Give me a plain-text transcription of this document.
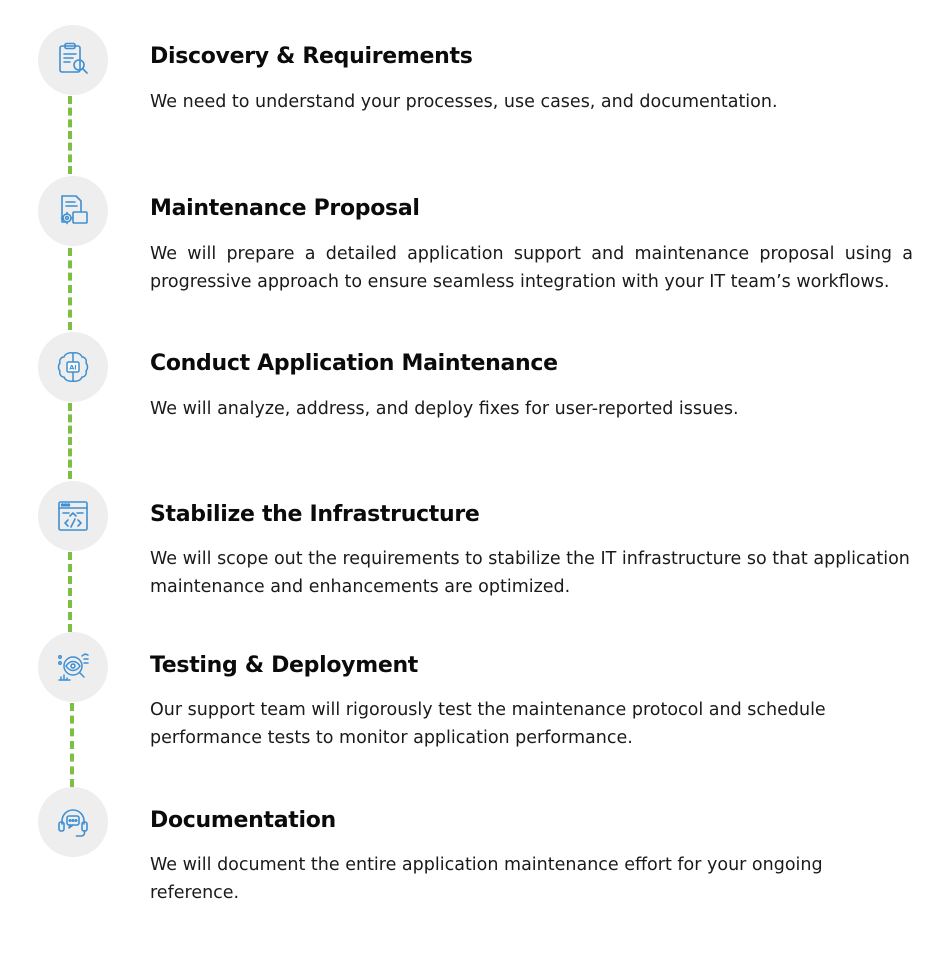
Discovery & Requirements

We need to understand your processes, use cases, and documentation.

Maintenance Proposal

We will prepare a detailed application support and maintenance proposal using a progressive approach to ensure seamless integration with your IT team’s workflows.

AI	Conduct Application Maintenance

We will analyze, address, and deploy fixes for user-reported issues.

Stabilize the Infrastructure

We will scope out the requirements to stabilize the IT infrastructure so that application maintenance and enhancements are optimized.

Testing & Deployment

Our support team will rigorously test the maintenance protocol and schedule performance tests to monitor application performance.

Documentation

We will document the entire application maintenance effort for your ongoing reference.
